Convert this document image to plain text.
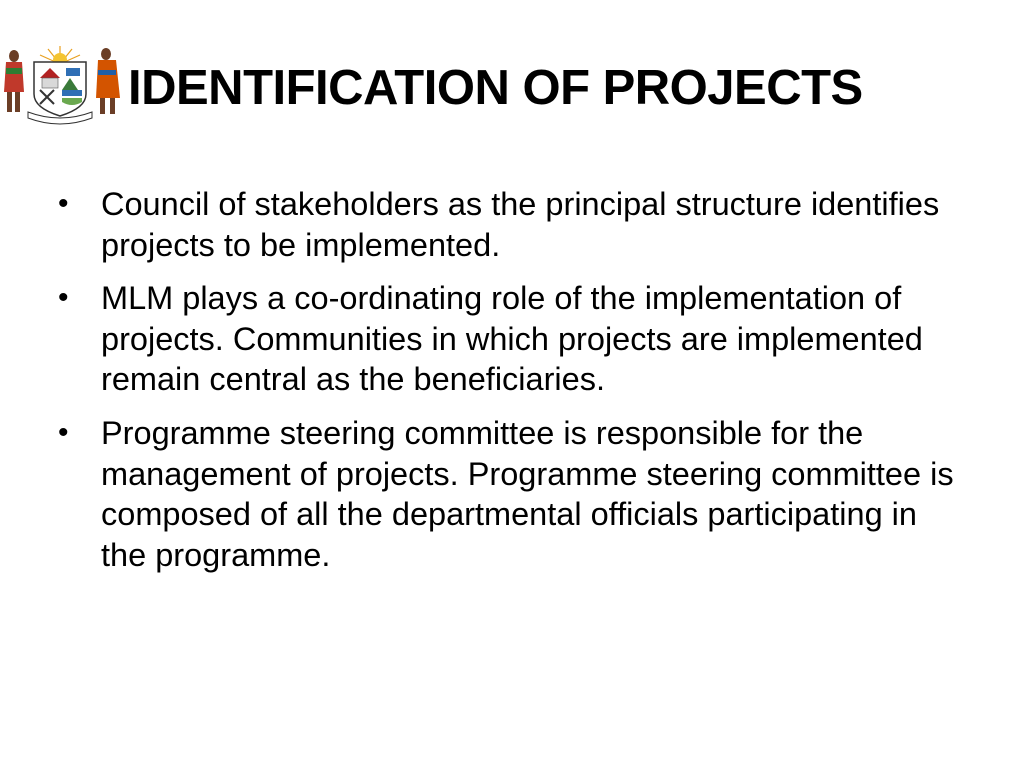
IDENTIFICATION OF PROJECTS
• Council of stakeholders as the principal structure identifies projects to be implemented.
• MLM plays a co-ordinating role of the implementation of projects. Communities in which projects are implemented remain central as the beneficiaries.
• Programme steering committee is responsible for the management of projects. Programme steering committee is composed of all the departmental officials participating in the programme.
